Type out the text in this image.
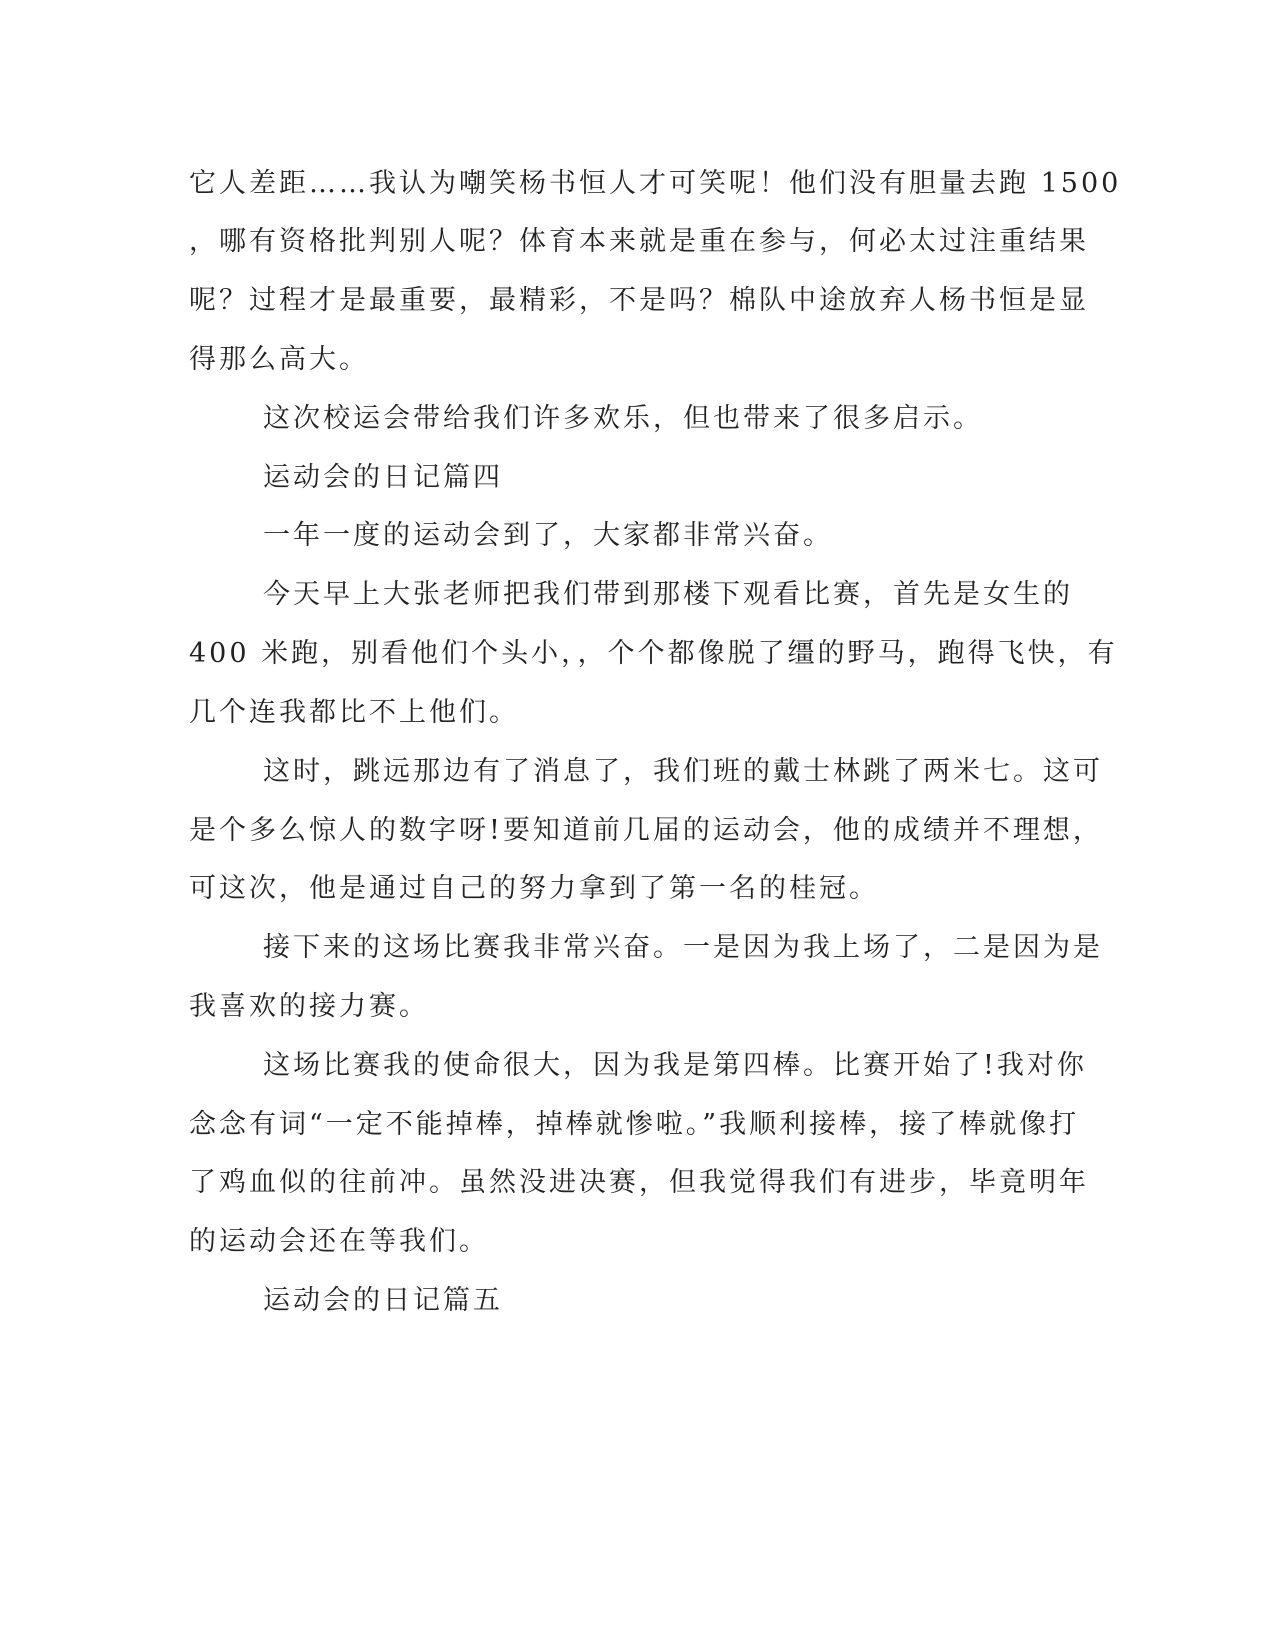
它人差距……我认为嘲笑杨书恒人才可笑呢！他们没有胆量去跑 1500
，哪有资格批判别人呢？体育本来就是重在参与，何必太过注重结果
呢？过程才是最重要，最精彩，不是吗？棉队中途放弃人杨书恒是显
得那么高大。
这次校运会带给我们许多欢乐，但也带来了很多启示。
运动会的日记篇四
一年一度的运动会到了，大家都非常兴奋。
今天早上大张老师把我们带到那楼下观看比赛，首先是女生的
400 米跑，别看他们个头小，，个个都像脱了缰的野马，跑得飞快，有
几个连我都比不上他们。
这时，跳远那边有了消息了，我们班的戴士林跳了两米七。这可
是个多么惊人的数字呀!要知道前几届的运动会，他的成绩并不理想，
可这次，他是通过自己的努力拿到了第一名的桂冠。
接下来的这场比赛我非常兴奋。一是因为我上场了，二是因为是
我喜欢的接力赛。
这场比赛我的使命很大，因为我是第四棒。比赛开始了!我对你
念念有词“一定不能掉棒，掉棒就惨啦。”我顺利接棒，接了棒就像打
了鸡血似的往前冲。虽然没进决赛，但我觉得我们有进步，毕竟明年
的运动会还在等我们。
运动会的日记篇五
